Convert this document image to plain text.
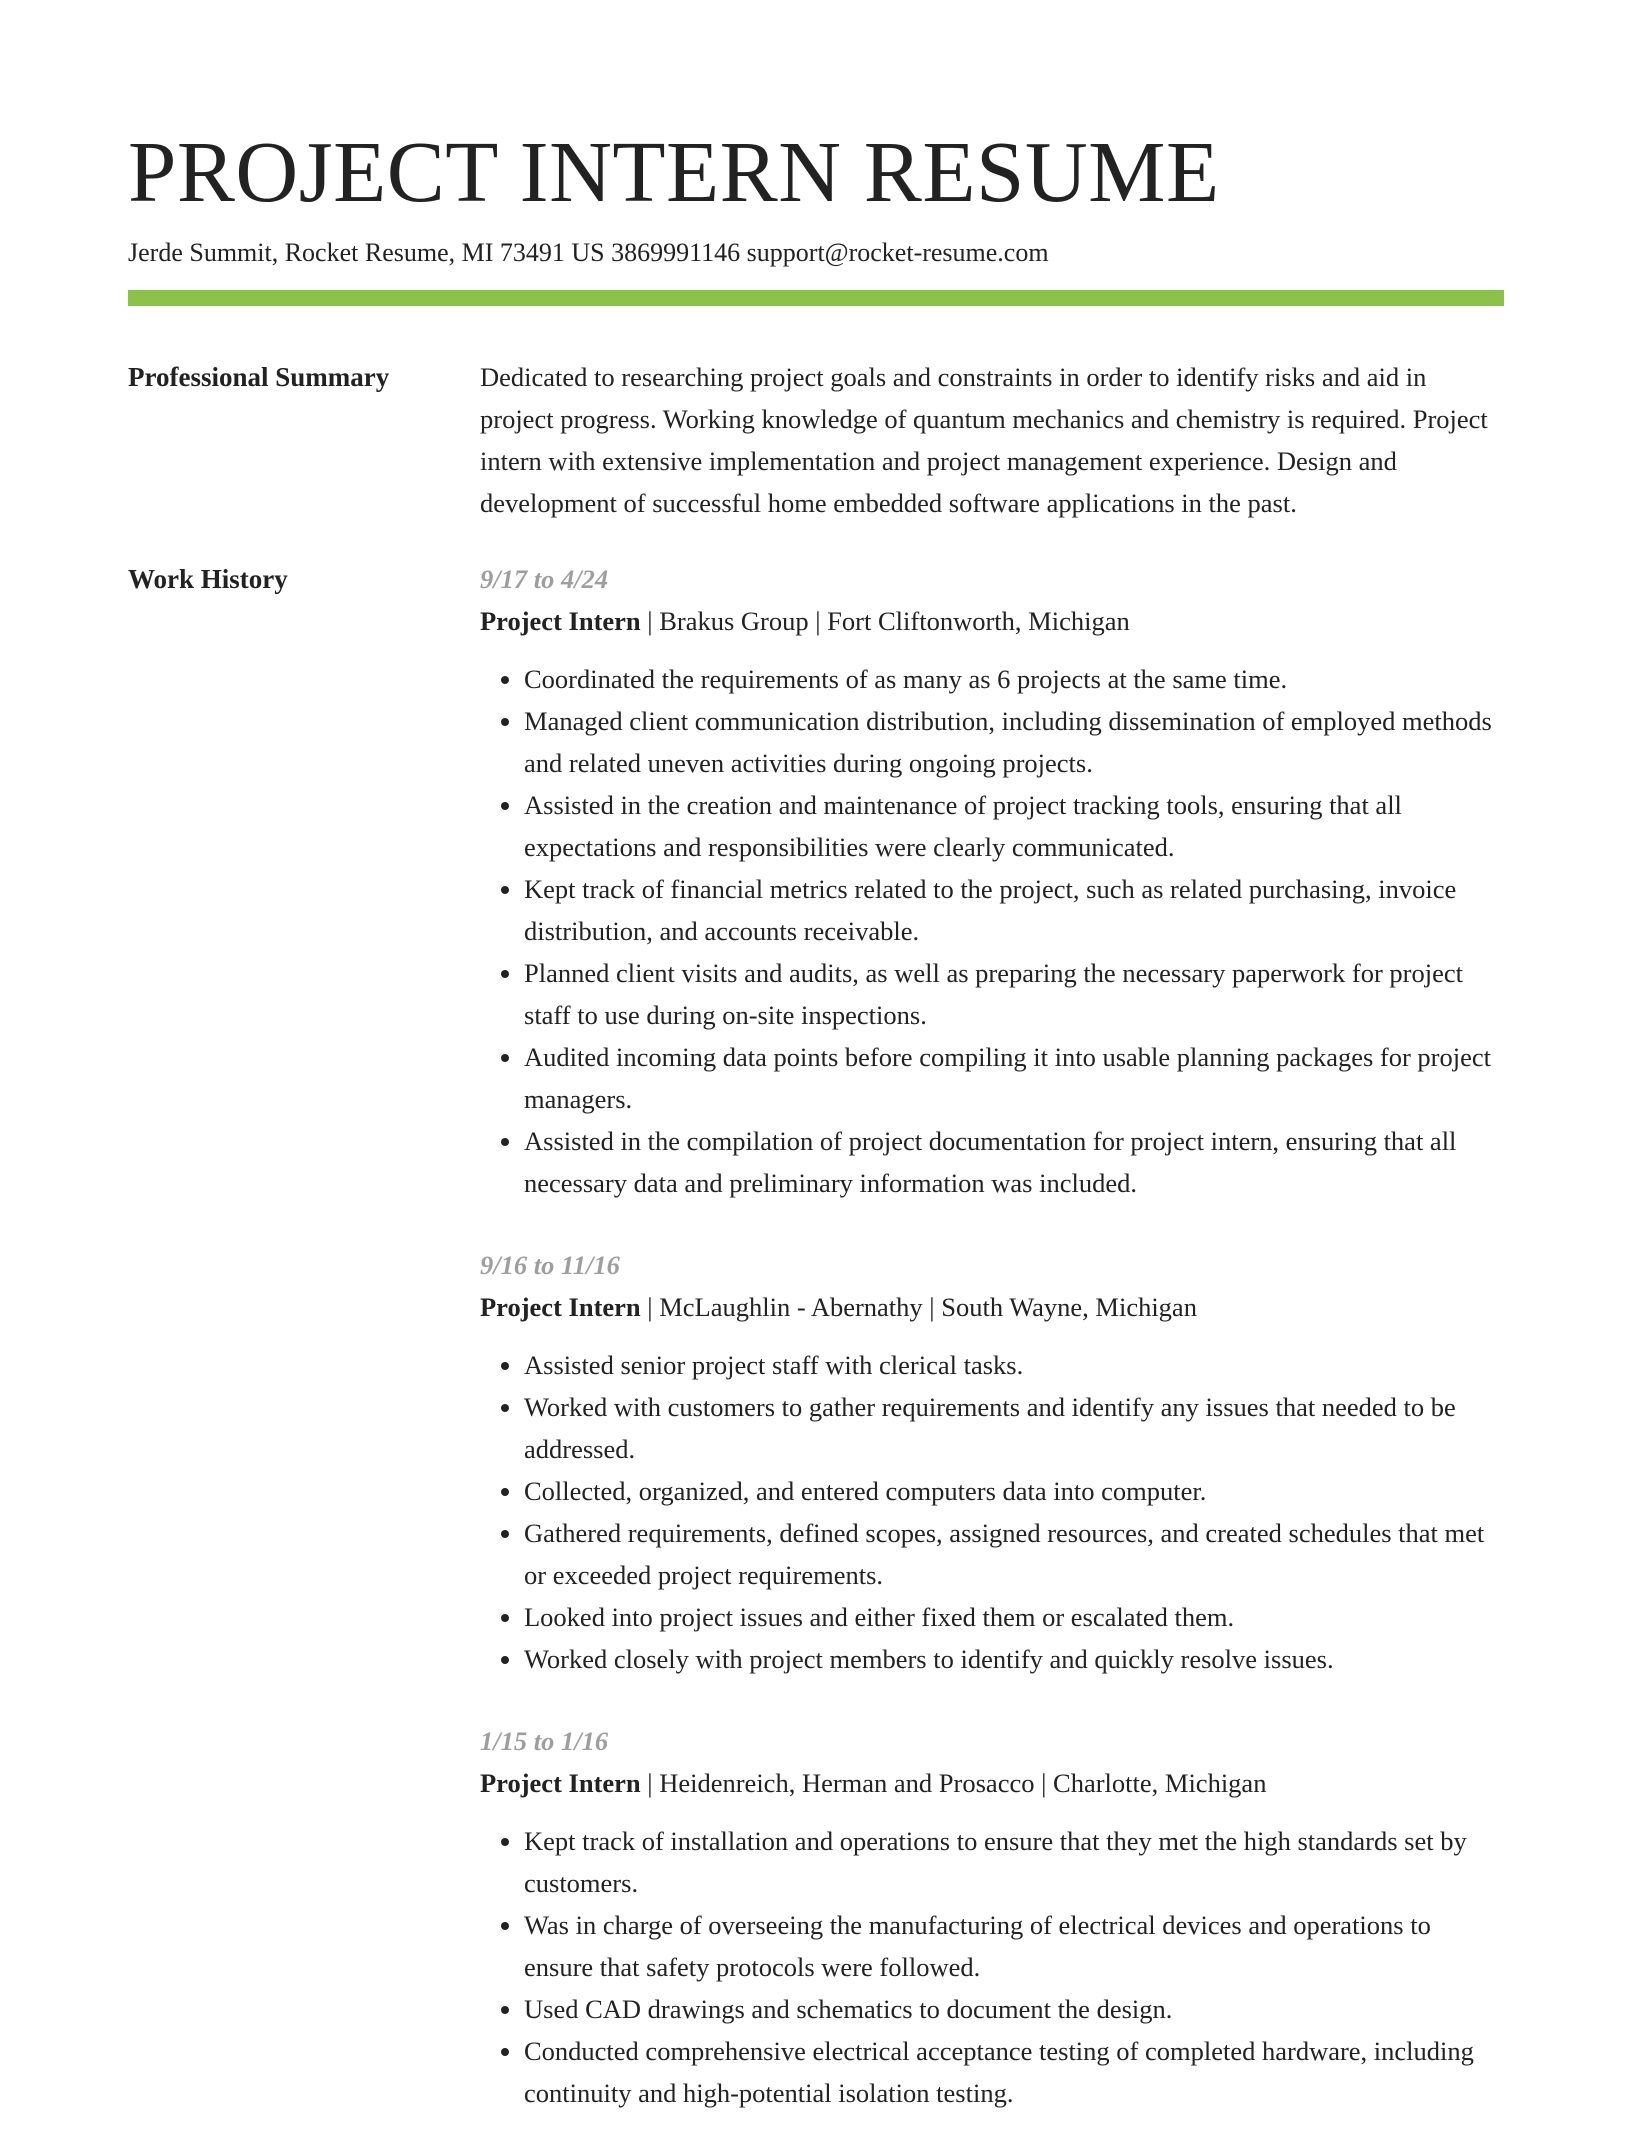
PROJECT INTERN RESUME
Jerde Summit, Rocket Resume, MI 73491 US 3869991146 support@rocket-resume.com
Professional Summary	Dedicated to researching project goals and constraints in order to identify risks and aid in project progress. Working knowledge of quantum mechanics and chemistry is required. Project intern with extensive implementation and project management experience. Design and development of successful home embedded software applications in the past.

Work History	9/17 to 4/24
Project Intern | Brakus Group | Fort Cliftonworth, Michigan
• Coordinated the requirements of as many as 6 projects at the same time.
• Managed client communication distribution, including dissemination of employed methods and related uneven activities during ongoing projects.
• Assisted in the creation and maintenance of project tracking tools, ensuring that all expectations and responsibilities were clearly communicated.
• Kept track of financial metrics related to the project, such as related purchasing, invoice distribution, and accounts receivable.
• Planned client visits and audits, as well as preparing the necessary paperwork for project staff to use during on-site inspections.
• Audited incoming data points before compiling it into usable planning packages for project managers.
• Assisted in the compilation of project documentation for project intern, ensuring that all necessary data and preliminary information was included.
9/16 to 11/16
Project Intern | McLaughlin - Abernathy | South Wayne, Michigan
• Assisted senior project staff with clerical tasks.
• Worked with customers to gather requirements and identify any issues that needed to be addressed.
• Collected, organized, and entered computers data into computer.
• Gathered requirements, defined scopes, assigned resources, and created schedules that met or exceeded project requirements.
• Looked into project issues and either fixed them or escalated them.
• Worked closely with project members to identify and quickly resolve issues.
1/15 to 1/16
Project Intern | Heidenreich, Herman and Prosacco | Charlotte, Michigan
• Kept track of installation and operations to ensure that they met the high standards set by customers.
• Was in charge of overseeing the manufacturing of electrical devices and operations to ensure that safety protocols were followed.
• Used CAD drawings and schematics to document the design.
• Conducted comprehensive electrical acceptance testing of completed hardware, including continuity and high-potential isolation testing.
